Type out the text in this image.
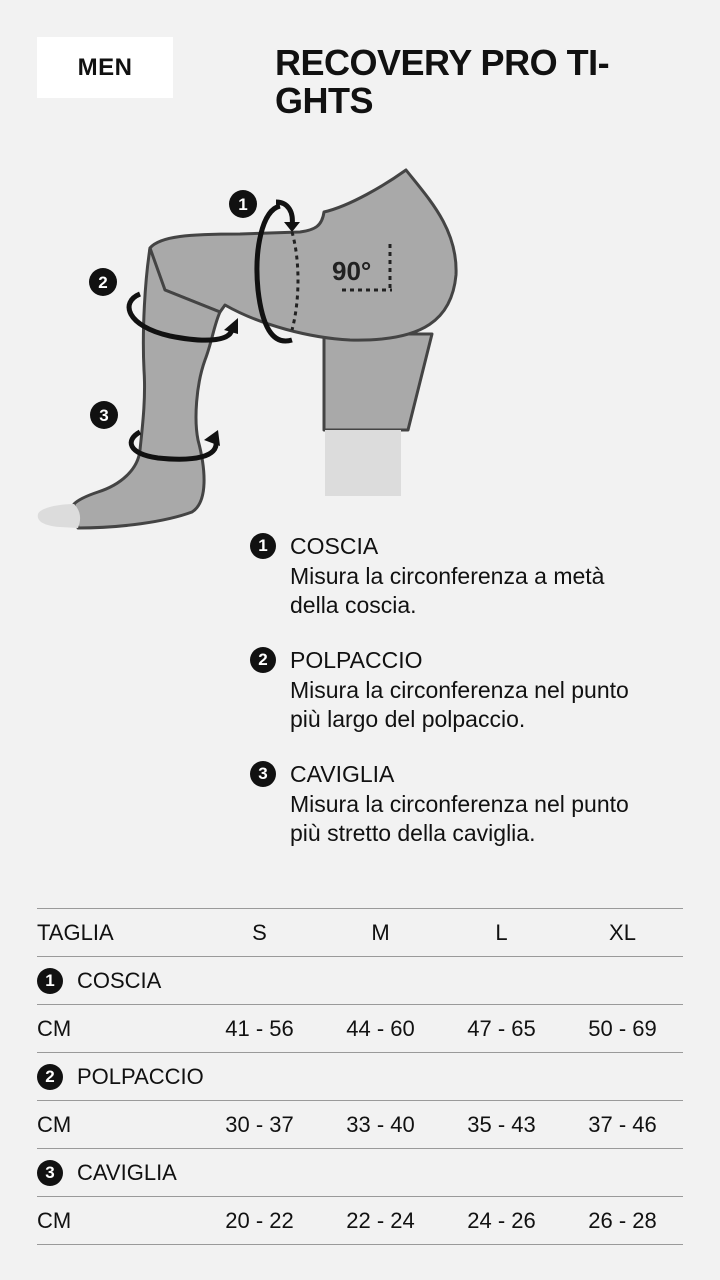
MEN	RECOVERY PRO TI-
GHTS
90°
1
2
3
1 COSCIA
Misura la circonferenza a metà
della coscia.
2 POLPACCIO
Misura la circonferenza nel punto
più largo del polpaccio.
3 CAVIGLIA
Misura la circonferenza nel punto
più stretto della caviglia.
TAGLIA	S	M	L	XL

1 COSCIA				

CM	41 - 56	44 - 60	47 - 65	50 - 69

2 POLPACCIO				

CM	30 - 37	33 - 40	35 - 43	37 - 46

3 CAVIGLIA				

CM	20 - 22	22 - 24	24 - 26	26 - 28
